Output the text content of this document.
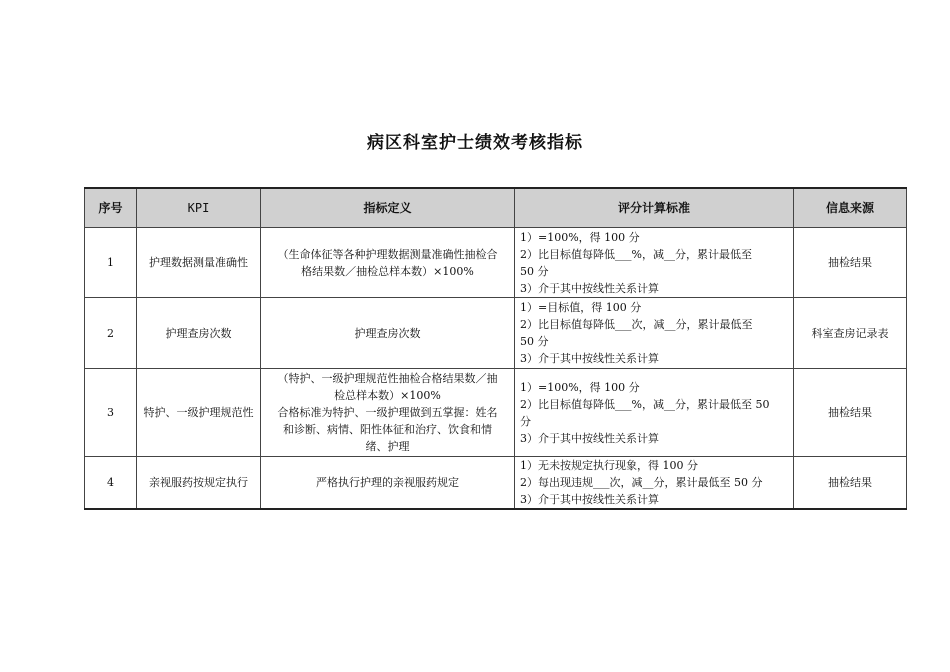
病区科室护士绩效考核指标
序号	KPI	指标定义	评分计算标准	信息来源
1	护理数据测量准确性	（生命体征等各种护理数据测量准确性抽检合
格结果数／抽检总样本数）×100%	1）=100%，得 100 分
2）比目标值每降低___%，减__分，累计最低至
50 分
3）介于其中按线性关系计算	抽检结果
2	护理查房次数	护理查房次数	1）=目标值，得 100 分
2）比目标值每降低___次，减__分，累计最低至
50 分
3）介于其中按线性关系计算	科室查房记录表
3	特护、一级护理规范性	（特护、一级护理规范性抽检合格结果数／抽
检总样本数）×100%
合格标准为特护、一级护理做到五掌握：姓名
和诊断、病情、阳性体征和治疗、饮食和情
绪、护理	1）=100%，得 100 分
2）比目标值每降低___%，减__分，累计最低至 50
分
3）介于其中按线性关系计算	抽检结果
4	亲视服药按规定执行	严格执行护理的亲视服药规定	1）无未按规定执行现象，得 100 分
2）每出现违规___次，减__分，累计最低至 50 分
3）介于其中按线性关系计算	抽检结果
